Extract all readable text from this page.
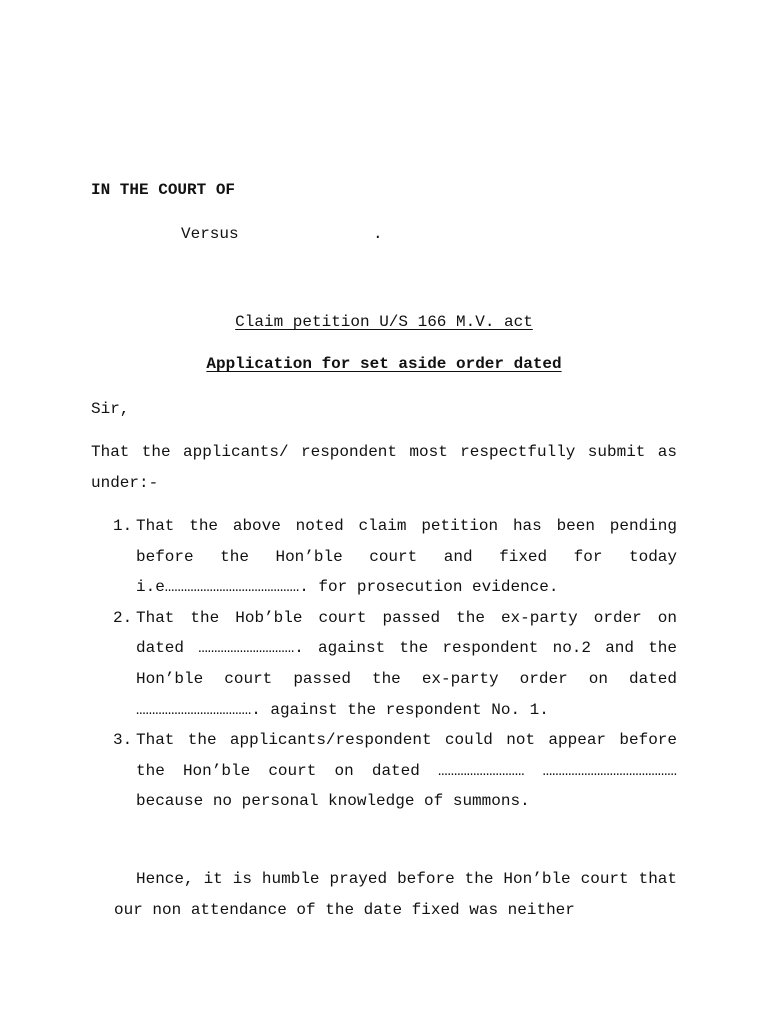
IN THE COURT OF
Versus	.
Claim petition U/S 166 M.V. act
Application for set aside order dated
Sir,

That the applicants/ respondent most respectfully submit as under:-

1. That the above noted claim petition has been pending before the Hon’ble court and fixed for today i.e……………………………………. for prosecution evidence.
2. That the Hob’ble court passed the ex-party order on dated …………………………. against the respondent no.2 and the Hon’ble court passed the ex-party order on dated ………………………………. against the respondent No. 1.
3. That the applicants/respondent could not appear before the Hon’ble court on dated ……………………… …………………………………… because no personal knowledge of summons.

Hence, it is humble prayed before the Hon’ble court that our non attendance of the date fixed was neither
